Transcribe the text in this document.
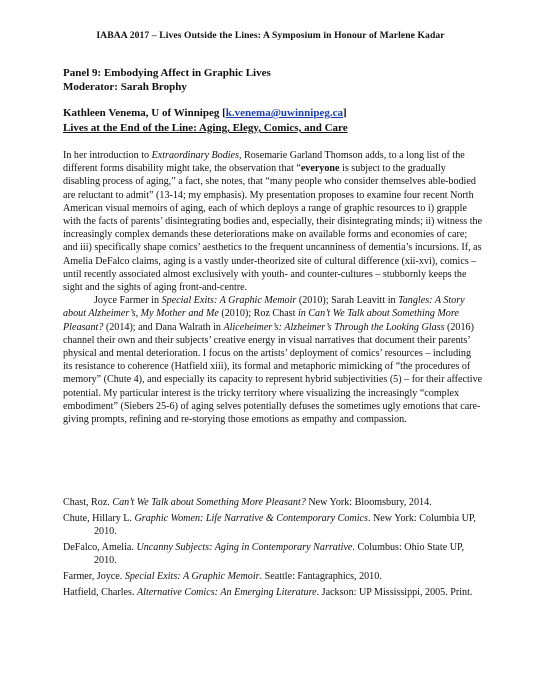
IABAA 2017 – Lives Outside the Lines: A Symposium in Honour of Marlene Kadar
Panel 9: Embodying Affect in Graphic Lives
Moderator: Sarah Brophy
Kathleen Venema, U of Winnipeg [k.venema@uwinnipeg.ca]
Lives at the End of the Line: Aging, Elegy, Comics, and Care

In her introduction to Extraordinary Bodies, Rosemarie Garland Thomson adds, to a long list of the different forms disability might take, the observation that “everyone is subject to the gradually disabling process of aging,” a fact, she notes, that “many people who consider themselves able-bodied are reluctant to admit” (13-14; my emphasis). My presentation proposes to examine four recent North American visual memoirs of aging, each of which deploys a range of graphic resources to i) grapple with the facts of parents’ disintegrating bodies and, especially, their disintegrating minds; ii) witness the increasingly complex demands these deteriorations make on available forms and economies of care; and iii) specifically shape comics’ aesthetics to the frequent uncanniness of dementia’s incursions. If, as Amelia DeFalco claims, aging is a vastly under-theorized site of cultural difference (xii-xvi), comics – until recently associated almost exclusively with youth- and counter-cultures – stubbornly keeps the sight and the sights of aging front-and-centre.

Joyce Farmer in Special Exits: A Graphic Memoir (2010); Sarah Leavitt in Tangles: A Story about Alzheimer’s, My Mother and Me (2010); Roz Chast in Can’t We Talk about Something More Pleasant? (2014); and Dana Walrath in Aliceheimer’s: Alzheimer’s Through the Looking Glass (2016) channel their own and their subjects’ creative energy in visual narratives that document their parents’ physical and mental deterioration. I focus on the artists’ deployment of comics’ resources – including its resistance to coherence (Hatfield xiii), its formal and metaphoric mimicking of “the procedures of memory” (Chute 4), and especially its capacity to represent hybrid subjectivities (5) – for their affective potential. My particular interest is the tricky territory where visualizing the increasingly “complex embodiment” (Siebers 25-6) of aging selves potentially defuses the sometimes ugly emotions that care-giving prompts, refining and re-storying those emotions as empathy and compassion.

Chast, Roz. Can’t We Talk about Something More Pleasant? New York: Bloomsbury, 2014.

Chute, Hillary L. Graphic Women: Life Narrative & Contemporary Comics. New York: Columbia UP, 2010.

DeFalco, Amelia. Uncanny Subjects: Aging in Contemporary Narrative. Columbus: Ohio State UP, 2010.

Farmer, Joyce. Special Exits: A Graphic Memoir. Seattle: Fantagraphics, 2010.

Hatfield, Charles. Alternative Comics: An Emerging Literature. Jackson: UP Mississippi, 2005. Print.
